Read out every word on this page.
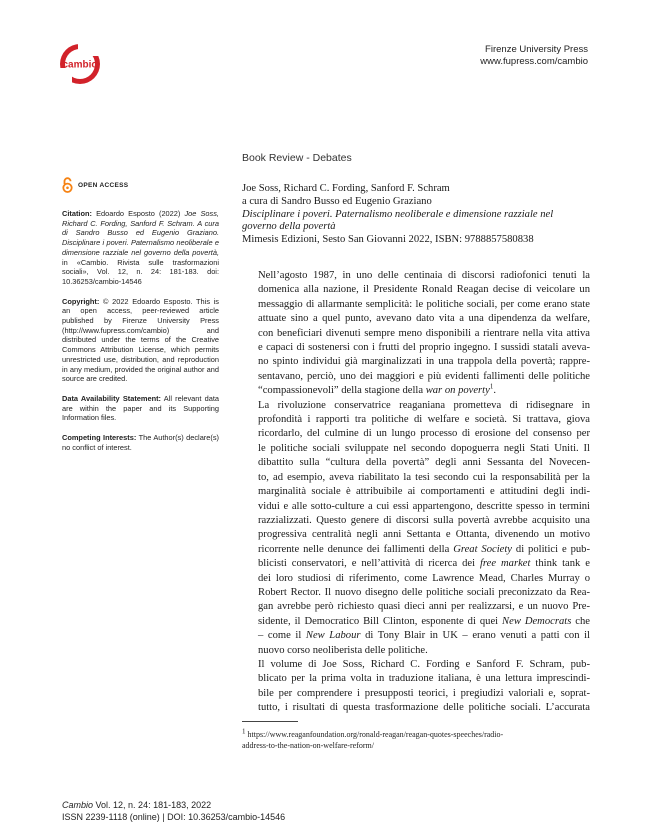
cambio
Firenze University Press
www.fupress.com/cambio
Book Review - Debates
OPEN ACCESS

Citation: Edoardo Esposto (2022) Joe Soss, Richard C. Fording, Sanford F. Schram. A cura di Sandro Busso ed Eugenio Graziano. Disciplinare i poveri. Paternalismo neoliberale e dimensione razziale nel governo della povertà, in «Cambio. Rivista sulle trasformazioni sociali», Vol. 12, n. 24: 181-183. doi: 10.36253/cambio-14546

Copyright: © 2022 Edoardo Esposto. This is an open access, peer-reviewed article published by Firenze University Press (http://www.fupress.com/cambio) and distributed under the terms of the Creative Commons Attribution License, which permits unrestricted use, distribution, and reproduction in any medium, provided the original author and source are credited.

Data Availability Statement: All relevant data are within the paper and its Supporting Information files.

Competing Interests: The Author(s) declare(s) no conflict of interest.

Joe Soss, Richard C. Fording, Sanford F. Schram
a cura di Sandro Busso ed Eugenio Graziano
Disciplinare i poveri. Paternalismo neoliberale e dimensione razziale nel
governo della povertà
Mimesis Edizioni, Sesto San Giovanni 2022, ISBN: 9788857580838

Nell’agosto 1987, in uno delle centinaia di discorsi radiofonici tenuti la
domenica alla nazione, il Presidente Ronald Reagan decise di veicolare un
messaggio di allarmante semplicità: le politiche sociali, per come erano state
attuate sino a quel punto, avevano dato vita a una dipendenza da welfare,
con beneficiari divenuti sempre meno disponibili a rientrare nella vita attiva
e capaci di sostenersi con i frutti del proprio ingegno. I sussidi statali aveva-
no spinto individui già marginalizzati in una trappola della povertà; rappre-
sentavano, perciò, uno dei maggiori e più evidenti fallimenti delle politiche
“compassionevoli” della stagione della war on poverty$^1$.

La rivoluzione conservatrice reaganiana prometteva di ridisegnare in
profondità i rapporti tra politiche di welfare e società. Si trattava, giova
ricordarlo, del culmine di un lungo processo di erosione del consenso per
le politiche sociali sviluppate nel secondo dopoguerra negli Stati Uniti. Il
dibattito sulla “cultura della povertà” degli anni Sessanta del Novecen-
to, ad esempio, aveva riabilitato la tesi secondo cui la responsabilità per la
marginalità sociale è attribuibile ai comportamenti e attitudini degli indi-
vidui e alle sotto-culture a cui essi appartengono, descritte spesso in termini
razzializzati. Questo genere di discorsi sulla povertà avrebbe acquisito una
progressiva centralità negli anni Settanta e Ottanta, divenendo un motivo
ricorrente nelle denunce dei fallimenti della Great Society di politici e pub-
blicisti conservatori, e nell’attività di ricerca dei free market think tank e
dei loro studiosi di riferimento, come Lawrence Mead, Charles Murray o
Robert Rector. Il nuovo disegno delle politiche sociali preconizzato da Rea-
gan avrebbe però richiesto quasi dieci anni per realizzarsi, e un nuovo Pre-
sidente, il Democratico Bill Clinton, esponente di quei New Democrats che
– come il New Labour di Tony Blair in UK – erano venuti a patti con il
nuovo corso neoliberista delle politiche.

Il volume di Joe Soss, Richard C. Fording e Sanford F. Schram, pub-
blicato per la prima volta in traduzione italiana, è una lettura imprescindi-
bile per comprendere i presupposti teorici, i pregiudizi valoriali e, soprat-
tutto, i risultati di questa trasformazione delle politiche sociali. L’accurata

$^1$ https://www.reaganfoundation.org/ronald-reagan/reagan-quotes-speeches/radio-
address-to-the-nation-on-welfare-reform/
Cambio Vol. 12, n. 24: 181-183, 2022
ISSN 2239-1118 (online) | DOI: 10.36253/cambio-14546
